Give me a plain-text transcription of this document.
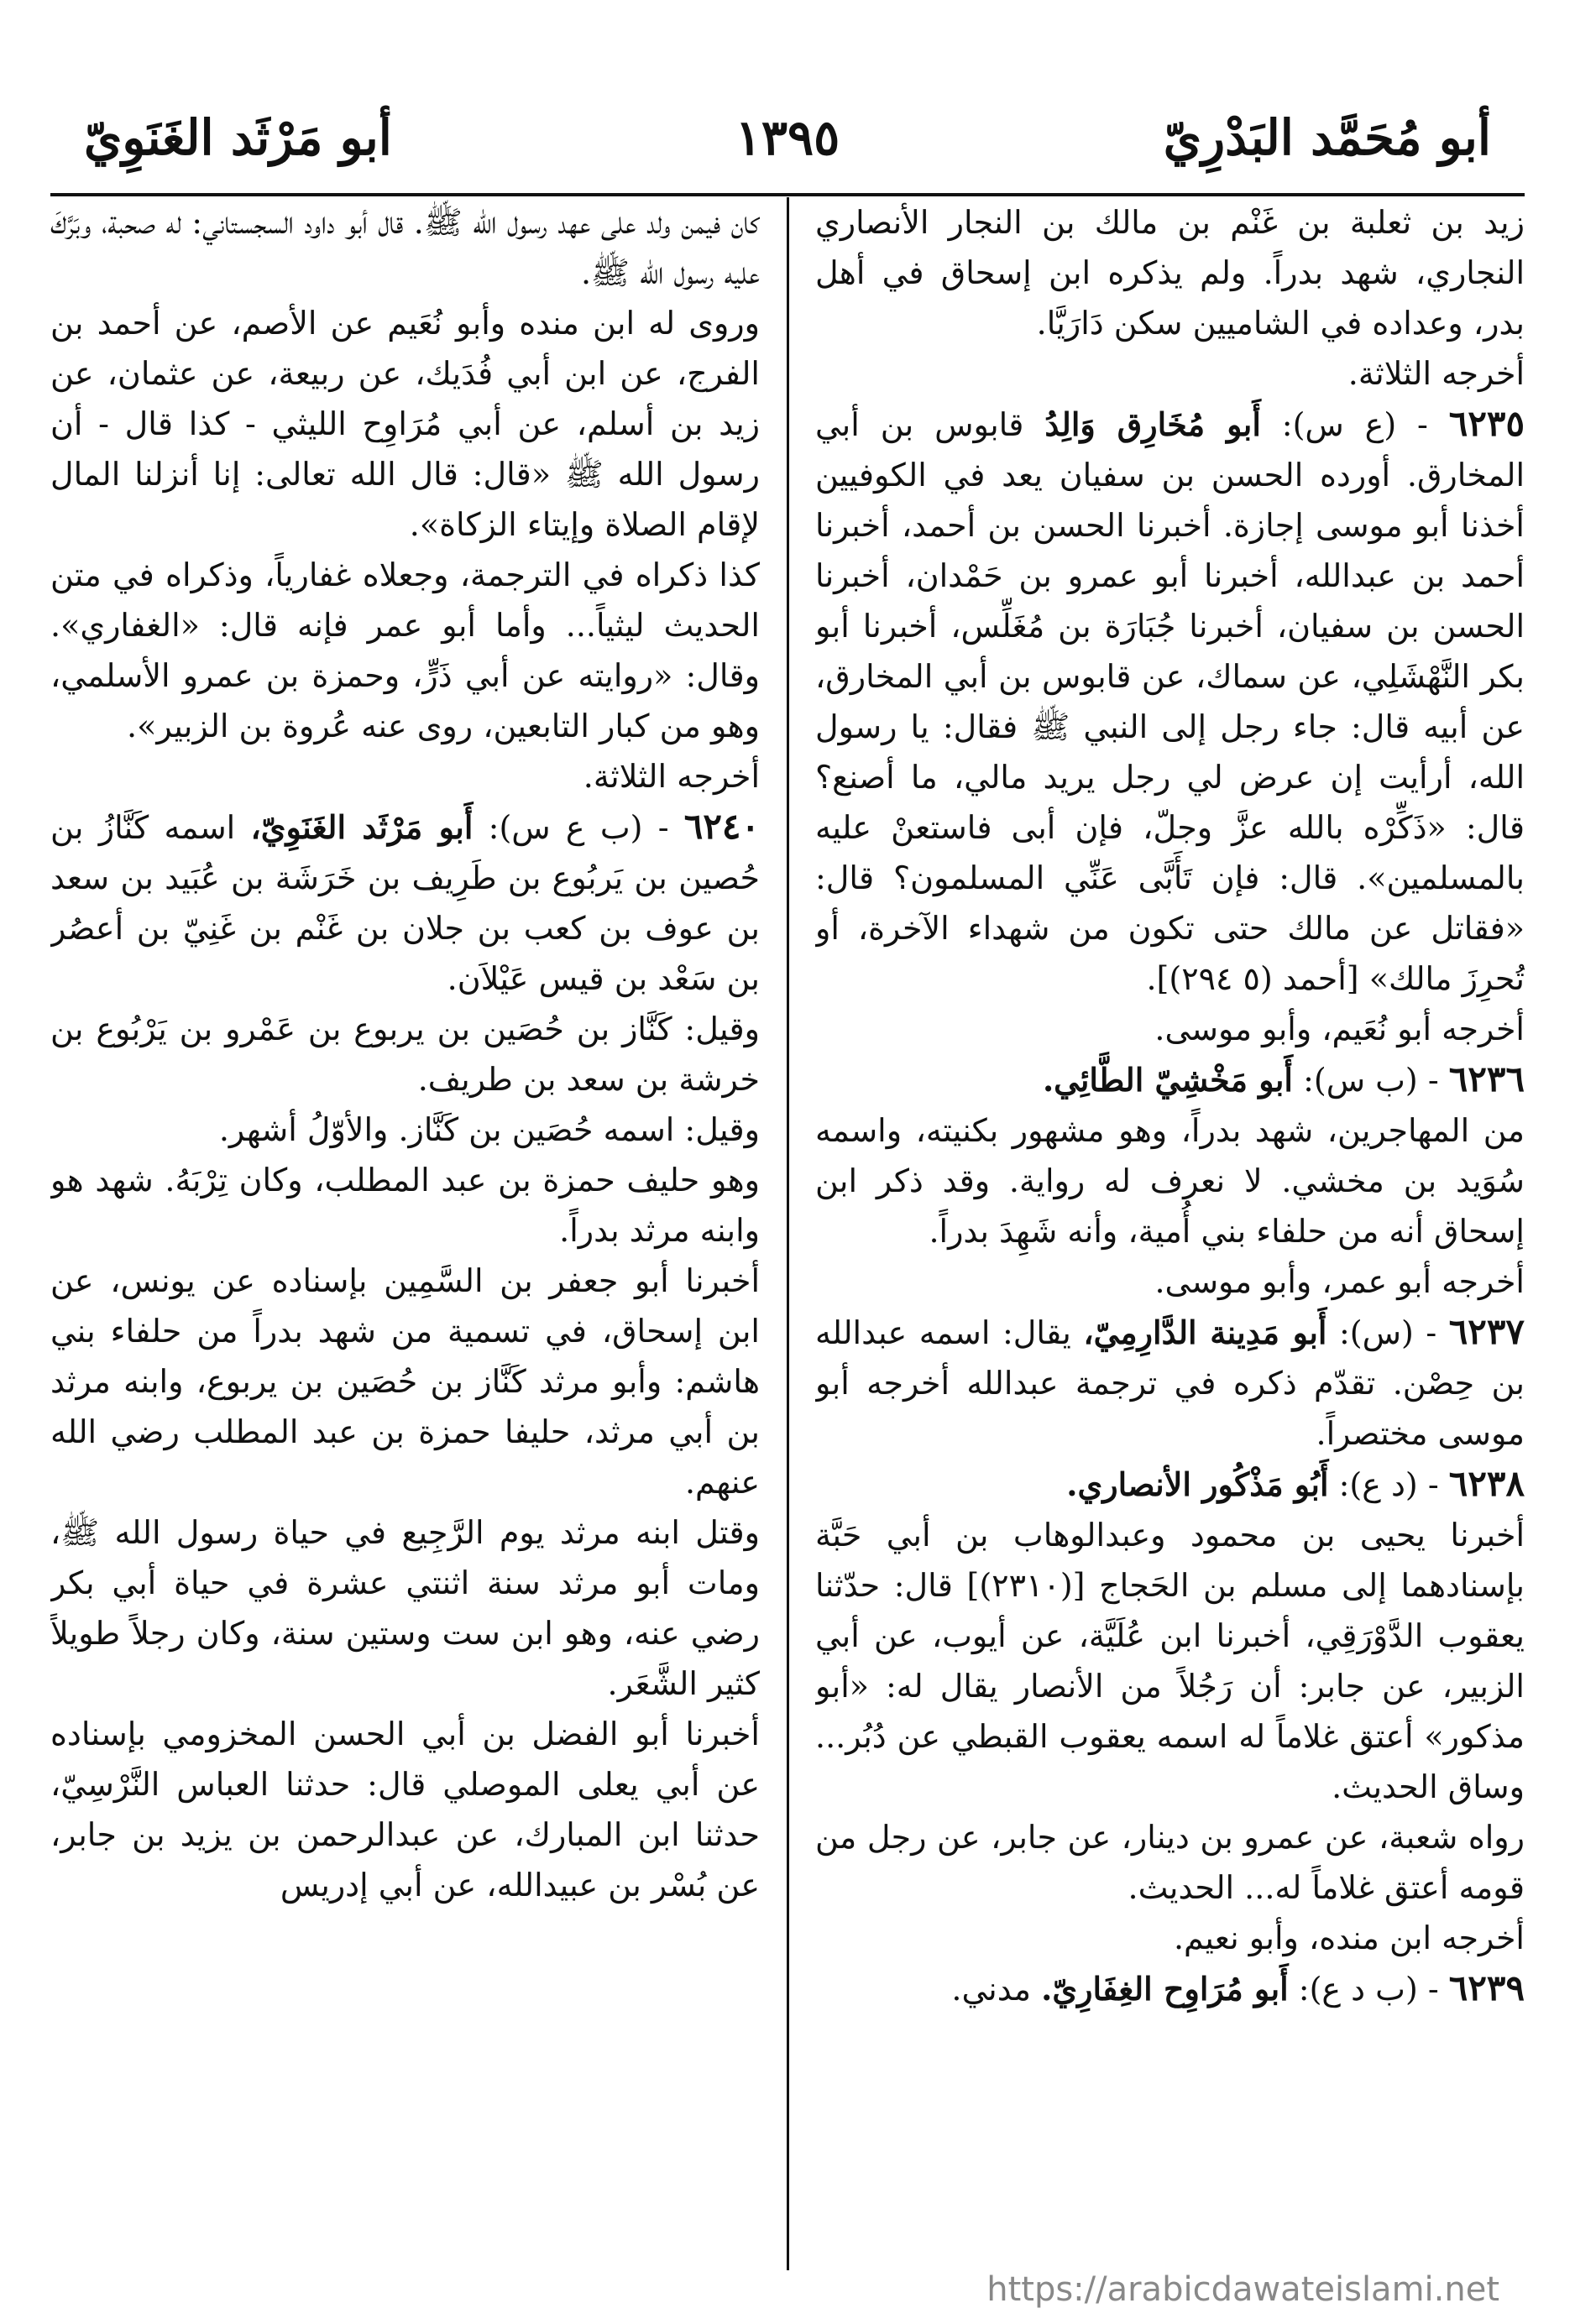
أبو مُحَمَّد البَدْرِيّ
١٣٩٥
أبو مَرْثَد الغَنَوِيّ

زيد بن ثعلبة بن غَنْم بن مالك بن النجار الأنصاري النجاري، شهد بدراً. ولم يذكره ابن إسحاق في أهل بدر، وعداده في الشاميين سكن دَارَيَّا.

أخرجه الثلاثة.

٦٢٣٥ - (ع س): أَبو مُخَارِق وَالِدُ قابوس بن أبي المخارق. أورده الحسن بن سفيان يعد في الكوفيين أخذنا أبو موسى إجازة. أخبرنا الحسن بن أحمد، أخبرنا أحمد بن عبدالله، أخبرنا أبو عمرو بن حَمْدان، أخبرنا الحسن بن سفيان، أخبرنا جُبَارَة بن مُغَلِّس، أخبرنا أبو بكر النَّهْشَلِي، عن سماك، عن قابوس بن أبي المخارق، عن أبيه قال: جاء رجل إلى النبي ﷺ فقال: يا رسول الله، أرأيت إن عرض لي رجل يريد مالي، ما أصنع؟ قال: «ذَكِّرْه بالله عزَّ وجلّ، فإن أبى فاستعنْ عليه بالمسلمين». قال: فإن تَأَبَّى عَنِّي المسلمون؟ قال: «فقاتل عن مالك حتى تكون من شهداء الآخرة، أو تُحرِزَ مالك» [أحمد (٥ ٢٩٤)].

أخرجه أبو نُعَيم، وأبو موسى.

٦٢٣٦ - (ب س): أَبو مَخْشِيّ الطَّائِي.

من المهاجرين، شهد بدراً، وهو مشهور بكنيته، واسمه سُوَيد بن مخشي. لا نعرف له رواية. وقد ذكر ابن إسحاق أنه من حلفاء بني أُمية، وأنه شَهِدَ بدراً.

أخرجه أبو عمر، وأبو موسى.

٦٢٣٧ - (س): أَبو مَدِينة الدَّارِمِيّ، يقال: اسمه عبدالله بن حِصْن. تقدّم ذكره في ترجمة عبدالله أخرجه أبو موسى مختصراً.

٦٢٣٨ - (د ع): أَبُو مَذْكُور الأنصاري.

أخبرنا يحيى بن محمود وعبدالوهاب بن أبي حَبَّة بإسنادهما إلى مسلم بن الحَجاج [(٢٣١٠)] قال: حدّثنا يعقوب الدَّوْرَقِي، أخبرنا ابن عُلَيَّة، عن أيوب، عن أبي الزبير، عن جابر: أن رَجُلاً من الأنصار يقال له: «أبو مذكور» أعتق غلاماً له اسمه يعقوب القبطي عن دُبُر... وساق الحديث.

رواه شعبة، عن عمرو بن دينار، عن جابر، عن رجل من قومه أعتق غلاماً له... الحديث.

أخرجه ابن منده، وأبو نعيم.

٦٢٣٩ - (ب د ع): أَبو مُرَاوِح الغِفَارِيّ. مدني.

كان فيمن ولد على عهد رسول الله ﷺ. قال أبو داود السجستاني: له صحبة، وبَرَّكَ عليه رسول الله ﷺ.

وروى له ابن منده وأبو نُعَيم عن الأصم، عن أحمد بن الفرج، عن ابن أبي فُدَيك، عن ربيعة، عن عثمان، عن زيد بن أسلم، عن أبي مُرَاوِح الليثي - كذا قال - أن رسول الله ﷺ «قال: قال الله تعالى: إنا أنزلنا المال لإقام الصلاة وإيتاء الزكاة».

كذا ذكراه في الترجمة، وجعلاه غفارياً، وذكراه في متن الحديث ليثياً... وأما أبو عمر فإنه قال: «الغفاري». وقال: «روايته عن أبي ذَرٍّ، وحمزة بن عمرو الأسلمي، وهو من كبار التابعين، روى عنه عُروة بن الزبير».

أخرجه الثلاثة.

٦٢٤٠ - (ب ع س): أَبو مَرْثَد الغَنَوِيّ، اسمه كَنَّازُ بن حُصين بن يَربُوع بن طَرِيف بن خَرَشَة بن عُبَيد بن سعد بن عوف بن كعب بن جلان بن غَنْم بن غَنِيّ بن أعصُر بن سَعْد بن قيس عَيْلاَن.

وقيل: كَنَّاز بن حُصَين بن يربوع بن عَمْرو بن يَرْبُوع بن خرشة بن سعد بن طريف.

وقيل: اسمه حُصَين بن كَنَّاز. والأوّلُ أشهر.

وهو حليف حمزة بن عبد المطلب، وكان تِرْبَهُ. شهد هو وابنه مرثد بدراً.

أخبرنا أبو جعفر بن السَّمِين بإسناده عن يونس، عن ابن إسحاق، في تسمية من شهد بدراً من حلفاء بني هاشم: وأبو مرثد كَنَّاز بن حُصَين بن يربوع، وابنه مرثد بن أبي مرثد، حليفا حمزة بن عبد المطلب رضي الله عنهم.

وقتل ابنه مرثد يوم الرَّجِيع في حياة رسول الله ﷺ، ومات أبو مرثد سنة اثنتي عشرة في حياة أبي بكر رضي عنه، وهو ابن ست وستين سنة، وكان رجلاً طويلاً كثير الشَّعَر.

أخبرنا أبو الفضل بن أبي الحسن المخزومي بإسناده عن أبي يعلى الموصلي قال: حدثنا العباس النَّرْسِيّ، حدثنا ابن المبارك، عن عبدالرحمن بن يزيد بن جابر، عن بُسْر بن عبيدالله، عن أبي إدريس

https://arabicdawateislami.net
